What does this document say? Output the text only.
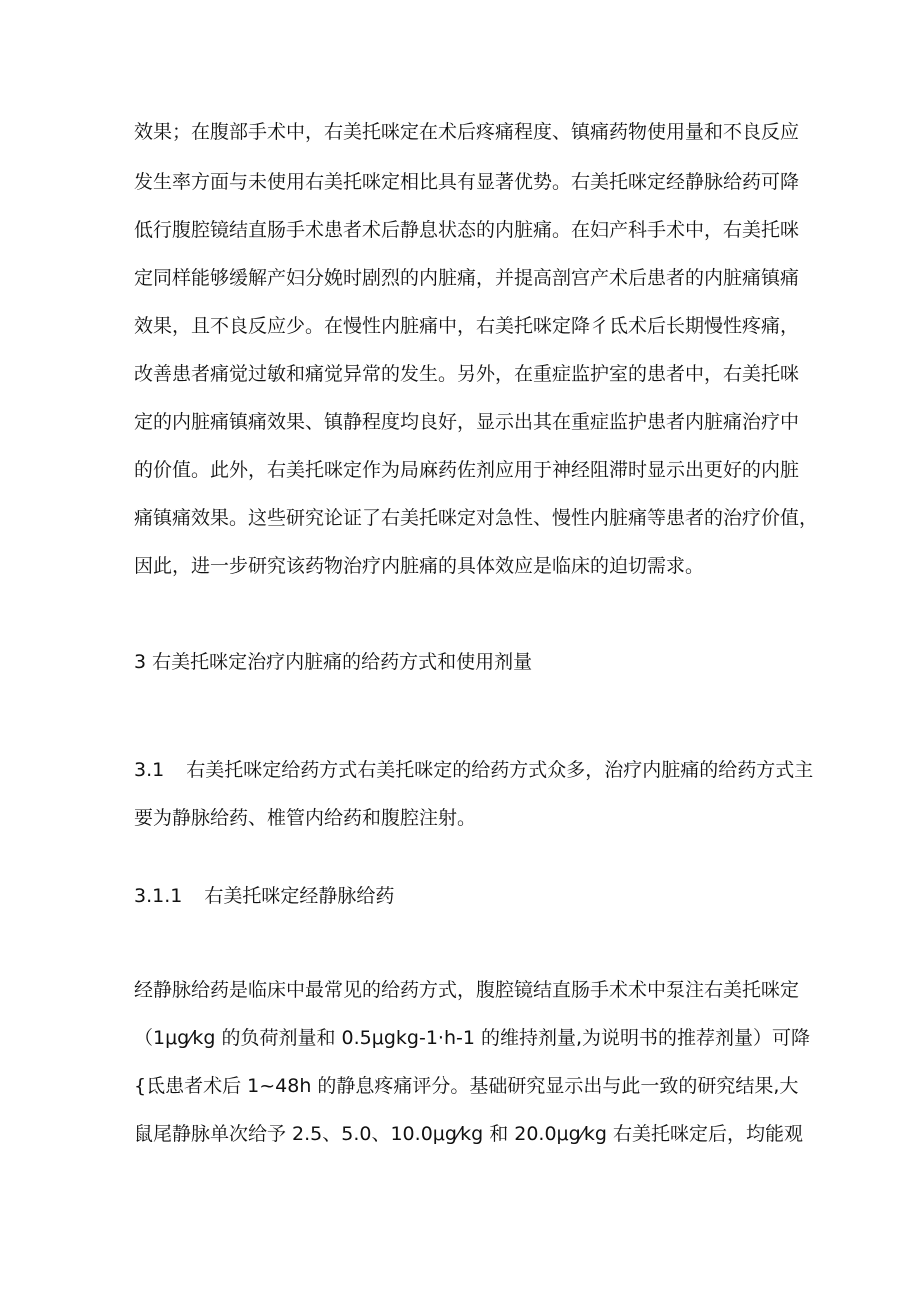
效果；在腹部手术中，右美托咪定在术后疼痛程度、镇痛药物使用量和不良反应
发生率方面与未使用右美托咪定相比具有显著优势。右美托咪定经静脉给药可降
低行腹腔镜结直肠手术患者术后静息状态的内脏痛。在妇产科手术中，右美托咪
定同样能够缓解产妇分娩时剧烈的内脏痛，并提高剖宫产术后患者的内脏痛镇痛
效果，且不良反应少。在慢性内脏痛中，右美托咪定降彳氐术后长期慢性疼痛，
改善患者痛觉过敏和痛觉异常的发生。另外，在重症监护室的患者中，右美托咪
定的内脏痛镇痛效果、镇静程度均良好，显示出其在重症监护患者内脏痛治疗中
的价值。此外，右美托咪定作为局麻药佐剂应用于神经阻滞时显示出更好的内脏
痛镇痛效果。这些研究论证了右美托咪定对急性、慢性内脏痛等患者的治疗价值，
因此，进一步研究该药物治疗内脏痛的具体效应是临床的迫切需求。
3 右美托咪定治疗内脏痛的给药方式和使用剂量
3.1 右美托咪定给药方式右美托咪定的给药方式众多，治疗内脏痛的给药方式主
要为静脉给药、椎管内给药和腹腔注射。
3.1.1 右美托咪定经静脉给药
经静脉给药是临床中最常见的给药方式，腹腔镜结直肠手术术中泵注右美托咪定
（1μg⁄kg 的负荷剂量和 0.5μgkg-1·h-1 的维持剂量,为说明书的推荐剂量）可降
{氐患者术后 1~48h 的静息疼痛评分。基础研究显示出与此一致的研究结果,大
鼠尾静脉单次给予 2.5、5.0、10.0μg⁄kg 和 20.0μg⁄kg 右美托咪定后，均能观
